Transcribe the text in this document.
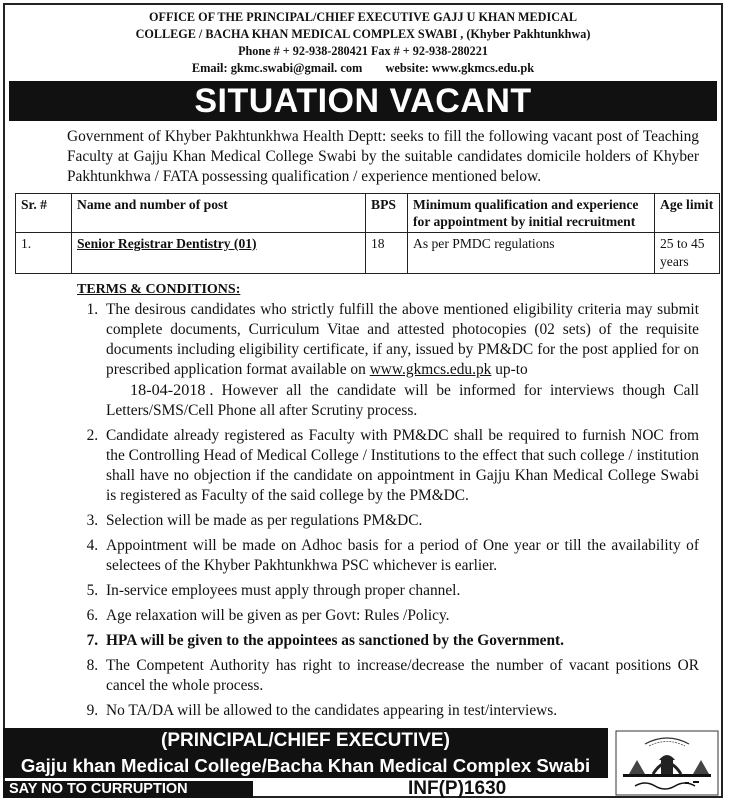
OFFICE OF THE PRINCIPAL/CHIEF EXECUTIVE GAJJ U KHAN MEDICAL
COLLEGE / BACHA KHAN MEDICAL COMPLEX SWABI , (Khyber Pakhtunkhwa)
Phone # + 92-938-280421 Fax # + 92-938-280221
Email: gkmc.swabi@gmail. com website: www.gkmcs.edu.pk
SITUATION VACANT
Government of Khyber Pakhtunkhwa Health Deptt: seeks to fill the following vacant post of Teaching Faculty at Gajju Khan Medical College Swabi by the suitable candidates domicile holders of Khyber Pakhtunkhwa / FATA possessing qualification / experience mentioned below.
Sr. #	Name and number of post	BPS	Minimum qualification and experience for appointment by initial recruitment	Age limit
1.	Senior Registrar Dentistry (01)	18	As per PMDC regulations	25 to 45 years
TERMS & CONDITIONS:
1. The desirous candidates who strictly fulfill the above mentioned eligibility criteria may submit complete documents, Curriculum Vitae and attested photocopies (02 sets) of the requisite documents including eligibility certificate, if any, issued by PM&DC for the post applied for on prescribed application format available on www.gkmcs.edu.pk up-to
18-04-2018 . However all the candidate will be informed for interviews though Call Letters/SMS/Cell Phone all after Scrutiny process.
2. Candidate already registered as Faculty with PM&DC shall be required to furnish NOC from the Controlling Head of Medical College / Institutions to the effect that such college / institution shall have no objection if the candidate on appointment in Gajju Khan Medical College Swabi is registered as Faculty of the said college by the PM&DC.
3. Selection will be made as per regulations PM&DC.
4. Appointment will be made on Adhoc basis for a period of One year or till the availability of selectees of the Khyber Pakhtunkhwa PSC whichever is earlier.
5. In-service employees must apply through proper channel.
6. Age relaxation will be given as per Govt: Rules /Policy.
7. HPA will be given to the appointees as sanctioned by the Government.
8. The Competent Authority has right to increase/decrease the number of vacant positions OR cancel the whole process.
9. No TA/DA will be allowed to the candidates appearing in test/interviews.
(PRINCIPAL/CHIEF EXECUTIVE)
Gajju khan Medical College/Bacha Khan Medical Complex Swabi
SAY NO TO CURRUPTION	INF(P)1630
